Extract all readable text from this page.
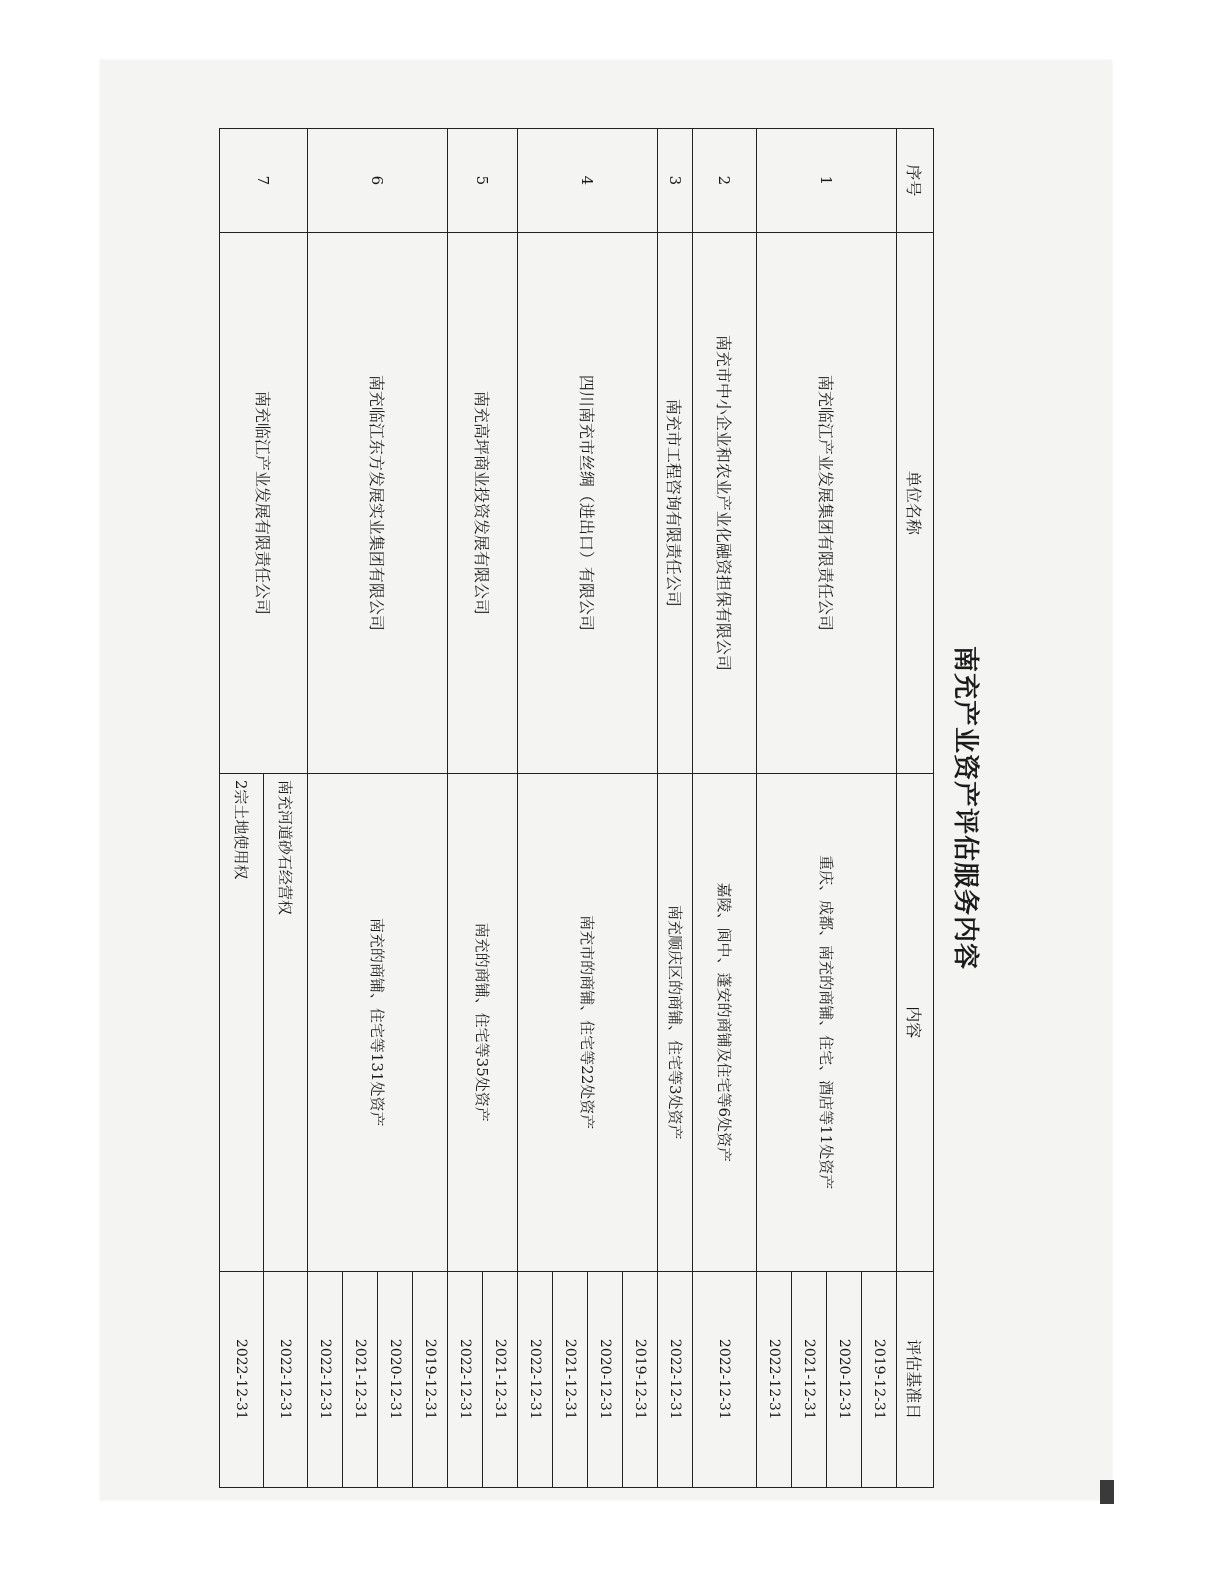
南充产业资产评估服务内容
序号	单位名称	内容	评估基准日
1	南充临江产业发展集团有限责任公司	重庆、成都、南充的商铺、住宅、酒店等11处资产	2019-12-31
			2020-12-31
			2021-12-31
			2022-12-31
2	南充市中小企业和农业产业化融资担保有限公司	嘉陵、阆中、蓬安的商铺及住宅等6处资产	2022-12-31
3	南充市工程咨询有限责任公司	南充顺庆区的商铺、住宅等3处资产	2022-12-31
4	四川南充市丝绸（进出口）有限公司	南充市的商铺、住宅等22处资产	2019-12-31
			2020-12-31
			2021-12-31
			2022-12-31
5	南充高坪商业投资发展有限公司	南充的商铺、住宅等35处资产	2021-12-31
			2022-12-31
6	南充临江东方发展实业集团有限公司	南充的商铺、住宅等131处资产	2019-12-31
			2020-12-31
			2021-12-31
			2022-12-31
7	南充临江产业发展有限责任公司	南充河道砂石经营权	2022-12-31
		2宗土地使用权	2022-12-31
